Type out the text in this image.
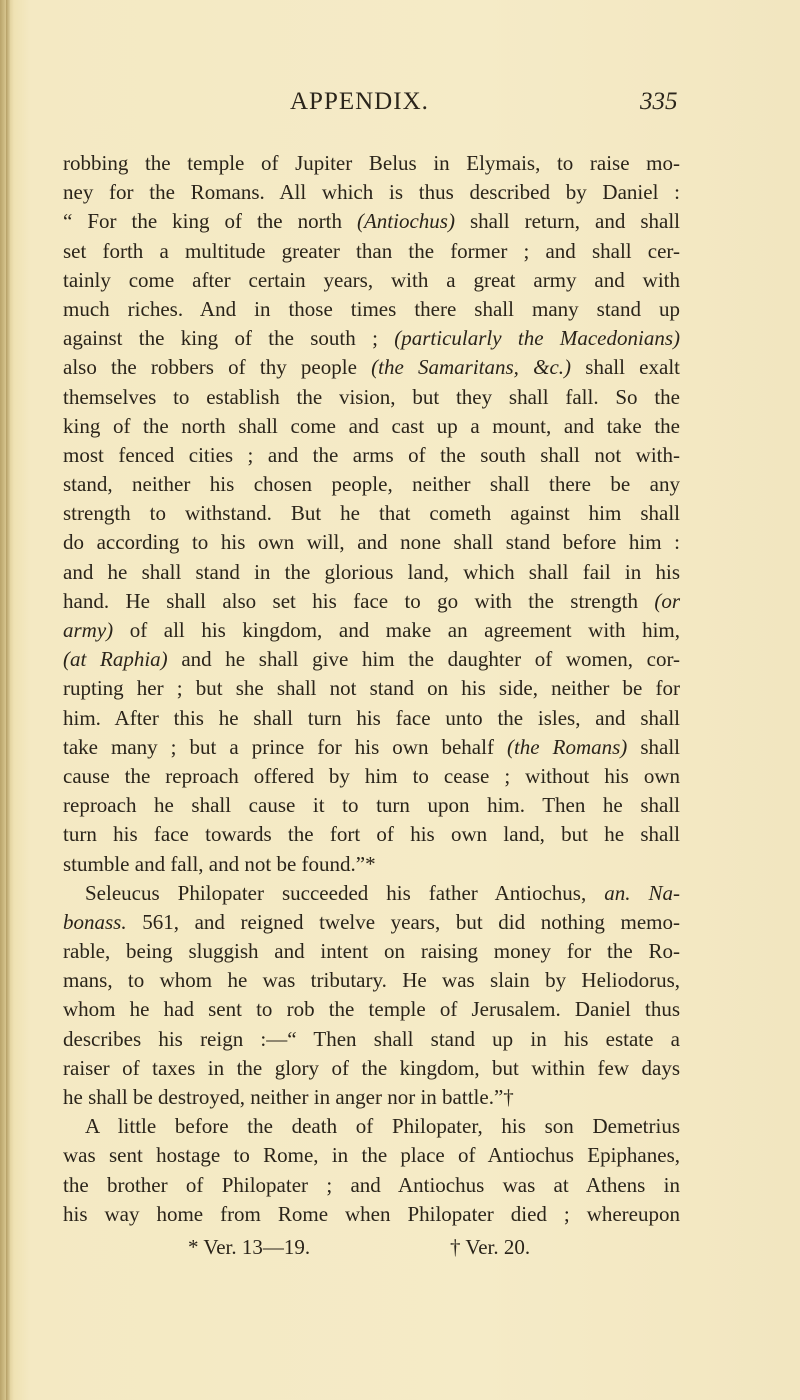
APPENDIX.	335
robbing the temple of Jupiter Belus in Elymais, to raise mo-
ney for the Romans. All which is thus described by Daniel :
“ For the king of the north (Antiochus) shall return, and shall
set forth a multitude greater than the former ; and shall cer-
tainly come after certain years, with a great army and with
much riches. And in those times there shall many stand up
against the king of the south ; (particularly the Macedonians)
also the robbers of thy people (the Samaritans, &c.) shall exalt
themselves to establish the vision, but they shall fall. So the
king of the north shall come and cast up a mount, and take the
most fenced cities ; and the arms of the south shall not with-
stand, neither his chosen people, neither shall there be any
strength to withstand. But he that cometh against him shall
do according to his own will, and none shall stand before him :
and he shall stand in the glorious land, which shall fail in his
hand. He shall also set his face to go with the strength (or
army) of all his kingdom, and make an agreement with him,
(at Raphia) and he shall give him the daughter of women, cor-
rupting her ; but she shall not stand on his side, neither be for
him. After this he shall turn his face unto the isles, and shall
take many ; but a prince for his own behalf (the Romans) shall
cause the reproach offered by him to cease ; without his own
reproach he shall cause it to turn upon him. Then he shall
turn his face towards the fort of his own land, but he shall
stumble and fall, and not be found.”*
Seleucus Philopater succeeded his father Antiochus, an. Na-
bonass. 561, and reigned twelve years, but did nothing memo-
rable, being sluggish and intent on raising money for the Ro-
mans, to whom he was tributary. He was slain by Heliodorus,
whom he had sent to rob the temple of Jerusalem. Daniel thus
describes his reign :—“ Then shall stand up in his estate a
raiser of taxes in the glory of the kingdom, but within few days
he shall be destroyed, neither in anger nor in battle.”†
A little before the death of Philopater, his son Demetrius
was sent hostage to Rome, in the place of Antiochus Epiphanes,
the brother of Philopater ; and Antiochus was at Athens in
his way home from Rome when Philopater died ; whereupon
* Ver. 13—19.	† Ver. 20.
